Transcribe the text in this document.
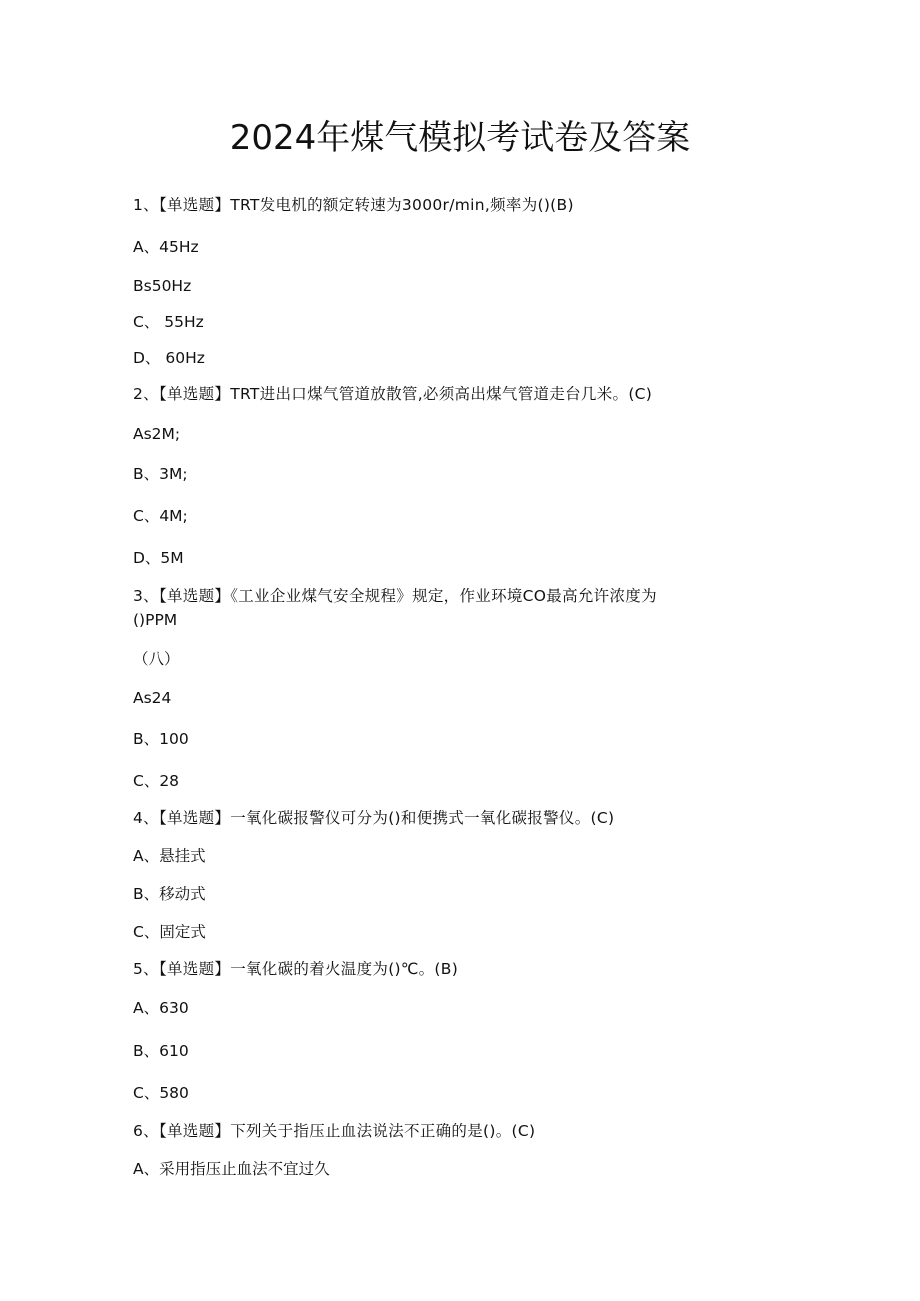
2024年煤气模拟考试卷及答案
1、【单选题】TRT发电机的额定转速为3000r/min,频率为()(B)
A、45Hz
Bs50Hz
C、 55Hz
D、 60Hz
2、【单选题】TRT进出口煤气管道放散管,必须高出煤气管道走台几米。(C)
As2M;
B、3M;
C、4M;
D、5M
3、【单选题】《工业企业煤气安全规程》规定，作业环境CO最高允许浓度为
()PPM
（八）
As24
B、100
C、28
4、【单选题】一氧化碳报警仪可分为()和便携式一氧化碳报警仪。(C)
A、悬挂式
B、移动式
C、固定式
5、【单选题】一氧化碳的着火温度为()℃。(B)
A、630
B、610
C、580
6、【单选题】下列关于指压止血法说法不正确的是()。(C)
A、采用指压止血法不宜过久
